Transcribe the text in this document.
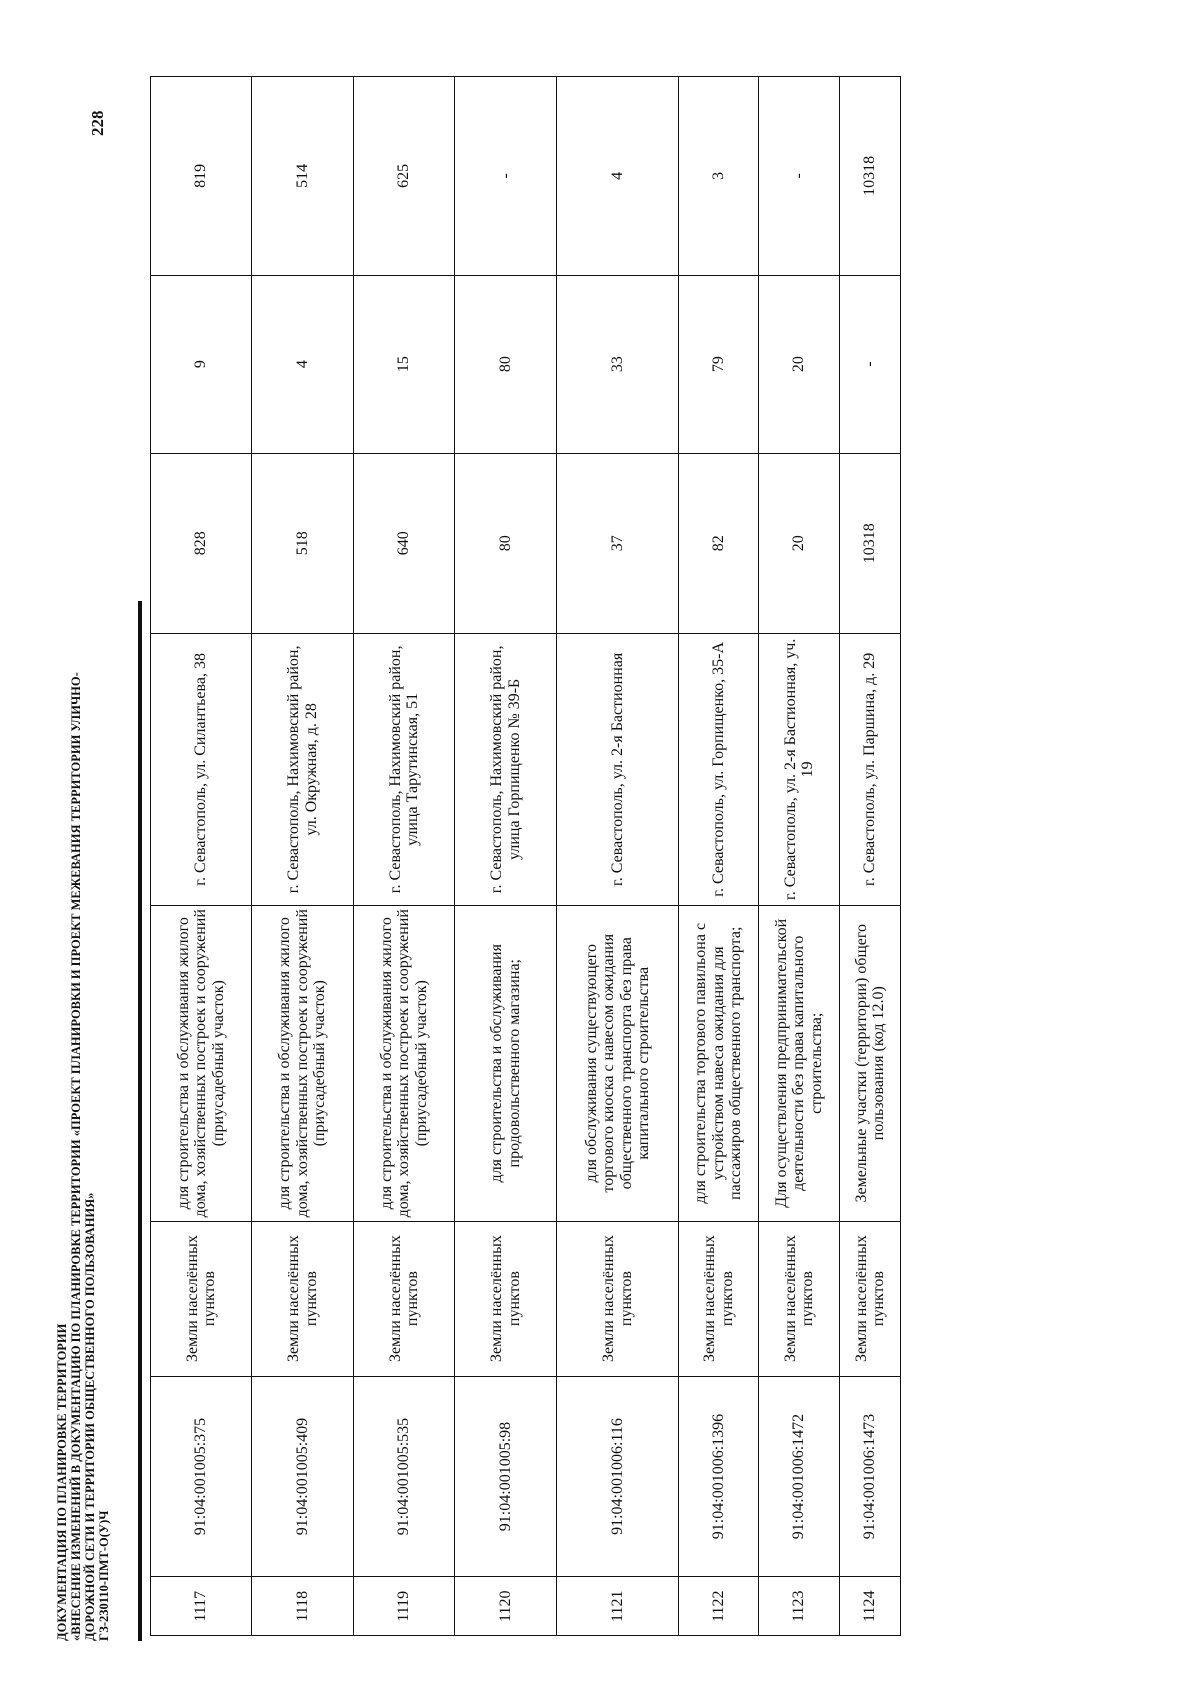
ДОКУМЕНТАЦИЯ ПО ПЛАНИРОВКЕ ТЕРРИТОРИИ «ВНЕСЕНИЕ ИЗМЕНЕНИЙ В ДОКУМЕНТАЦИЮ ПО ПЛАНИРОВКЕ ТЕРРИТОРИИ «ПРОЕКТ ПЛАНИРОВКИ И ПРОЕКТ МЕЖЕВАНИЯ ТЕРРИТОРИИ УЛИЧНО- ДОРОЖНОЙ СЕТИ И ТЕРРИТОРИИ ОБЩЕСТВЕННОГО ПОЛЬЗОВАНИЯ» ГЗ-230110-ПМТ-О(У)Ч
228
1117	91:04:001005:375	Земли населённых пунктов	для строительства и обслуживания жилого дома, хозяйственных построек и сооружений (приусадебный участок)	г. Севастополь, ул. Силантьева, 38	828	9	819
1118	91:04:001005:409	Земли населённых пунктов	для строительства и обслуживания жилого дома, хозяйственных построек и сооружений (приусадебный участок)	г. Севастополь, Нахимовский район, ул. Окружная, д. 28	518	4	514
1119	91:04:001005:535	Земли населённых пунктов	для строительства и обслуживания жилого дома, хозяйственных построек и сооружений (приусадебный участок)	г. Севастополь, Нахимовский район, улица Тарутинская, 51	640	15	625
1120	91:04:001005:98	Земли населённых пунктов	для строительства и обслуживания продовольственного магазина;	г. Севастополь, Нахимовский район, улица Горпищенко № 39-Б	80	80	-
1121	91:04:001006:116	Земли населённых пунктов	для обслуживания существующего торгового киоска с навесом ожидания общественного транспорта без права капитального строительства	г. Севастополь, ул. 2-я Бастионная	37	33	4
1122	91:04:001006:1396	Земли населённых пунктов	для строительства торгового павильона с устройством навеса ожидания для пассажиров общественного транспорта;	г. Севастополь, ул. Горпищенко, 35-А	82	79	3
1123	91:04:001006:1472	Земли населённых пунктов	Для осуществления предпринимательской деятельности без права капитального строительства;	г. Севастополь, ул. 2-я Бастионная, уч. 19	20	20	-
1124	91:04:001006:1473	Земли населённых пунктов	Земельные участки (территории) общего пользования (код 12.0)	г. Севастополь, ул. Паршина, д. 29	10318	-	10318
